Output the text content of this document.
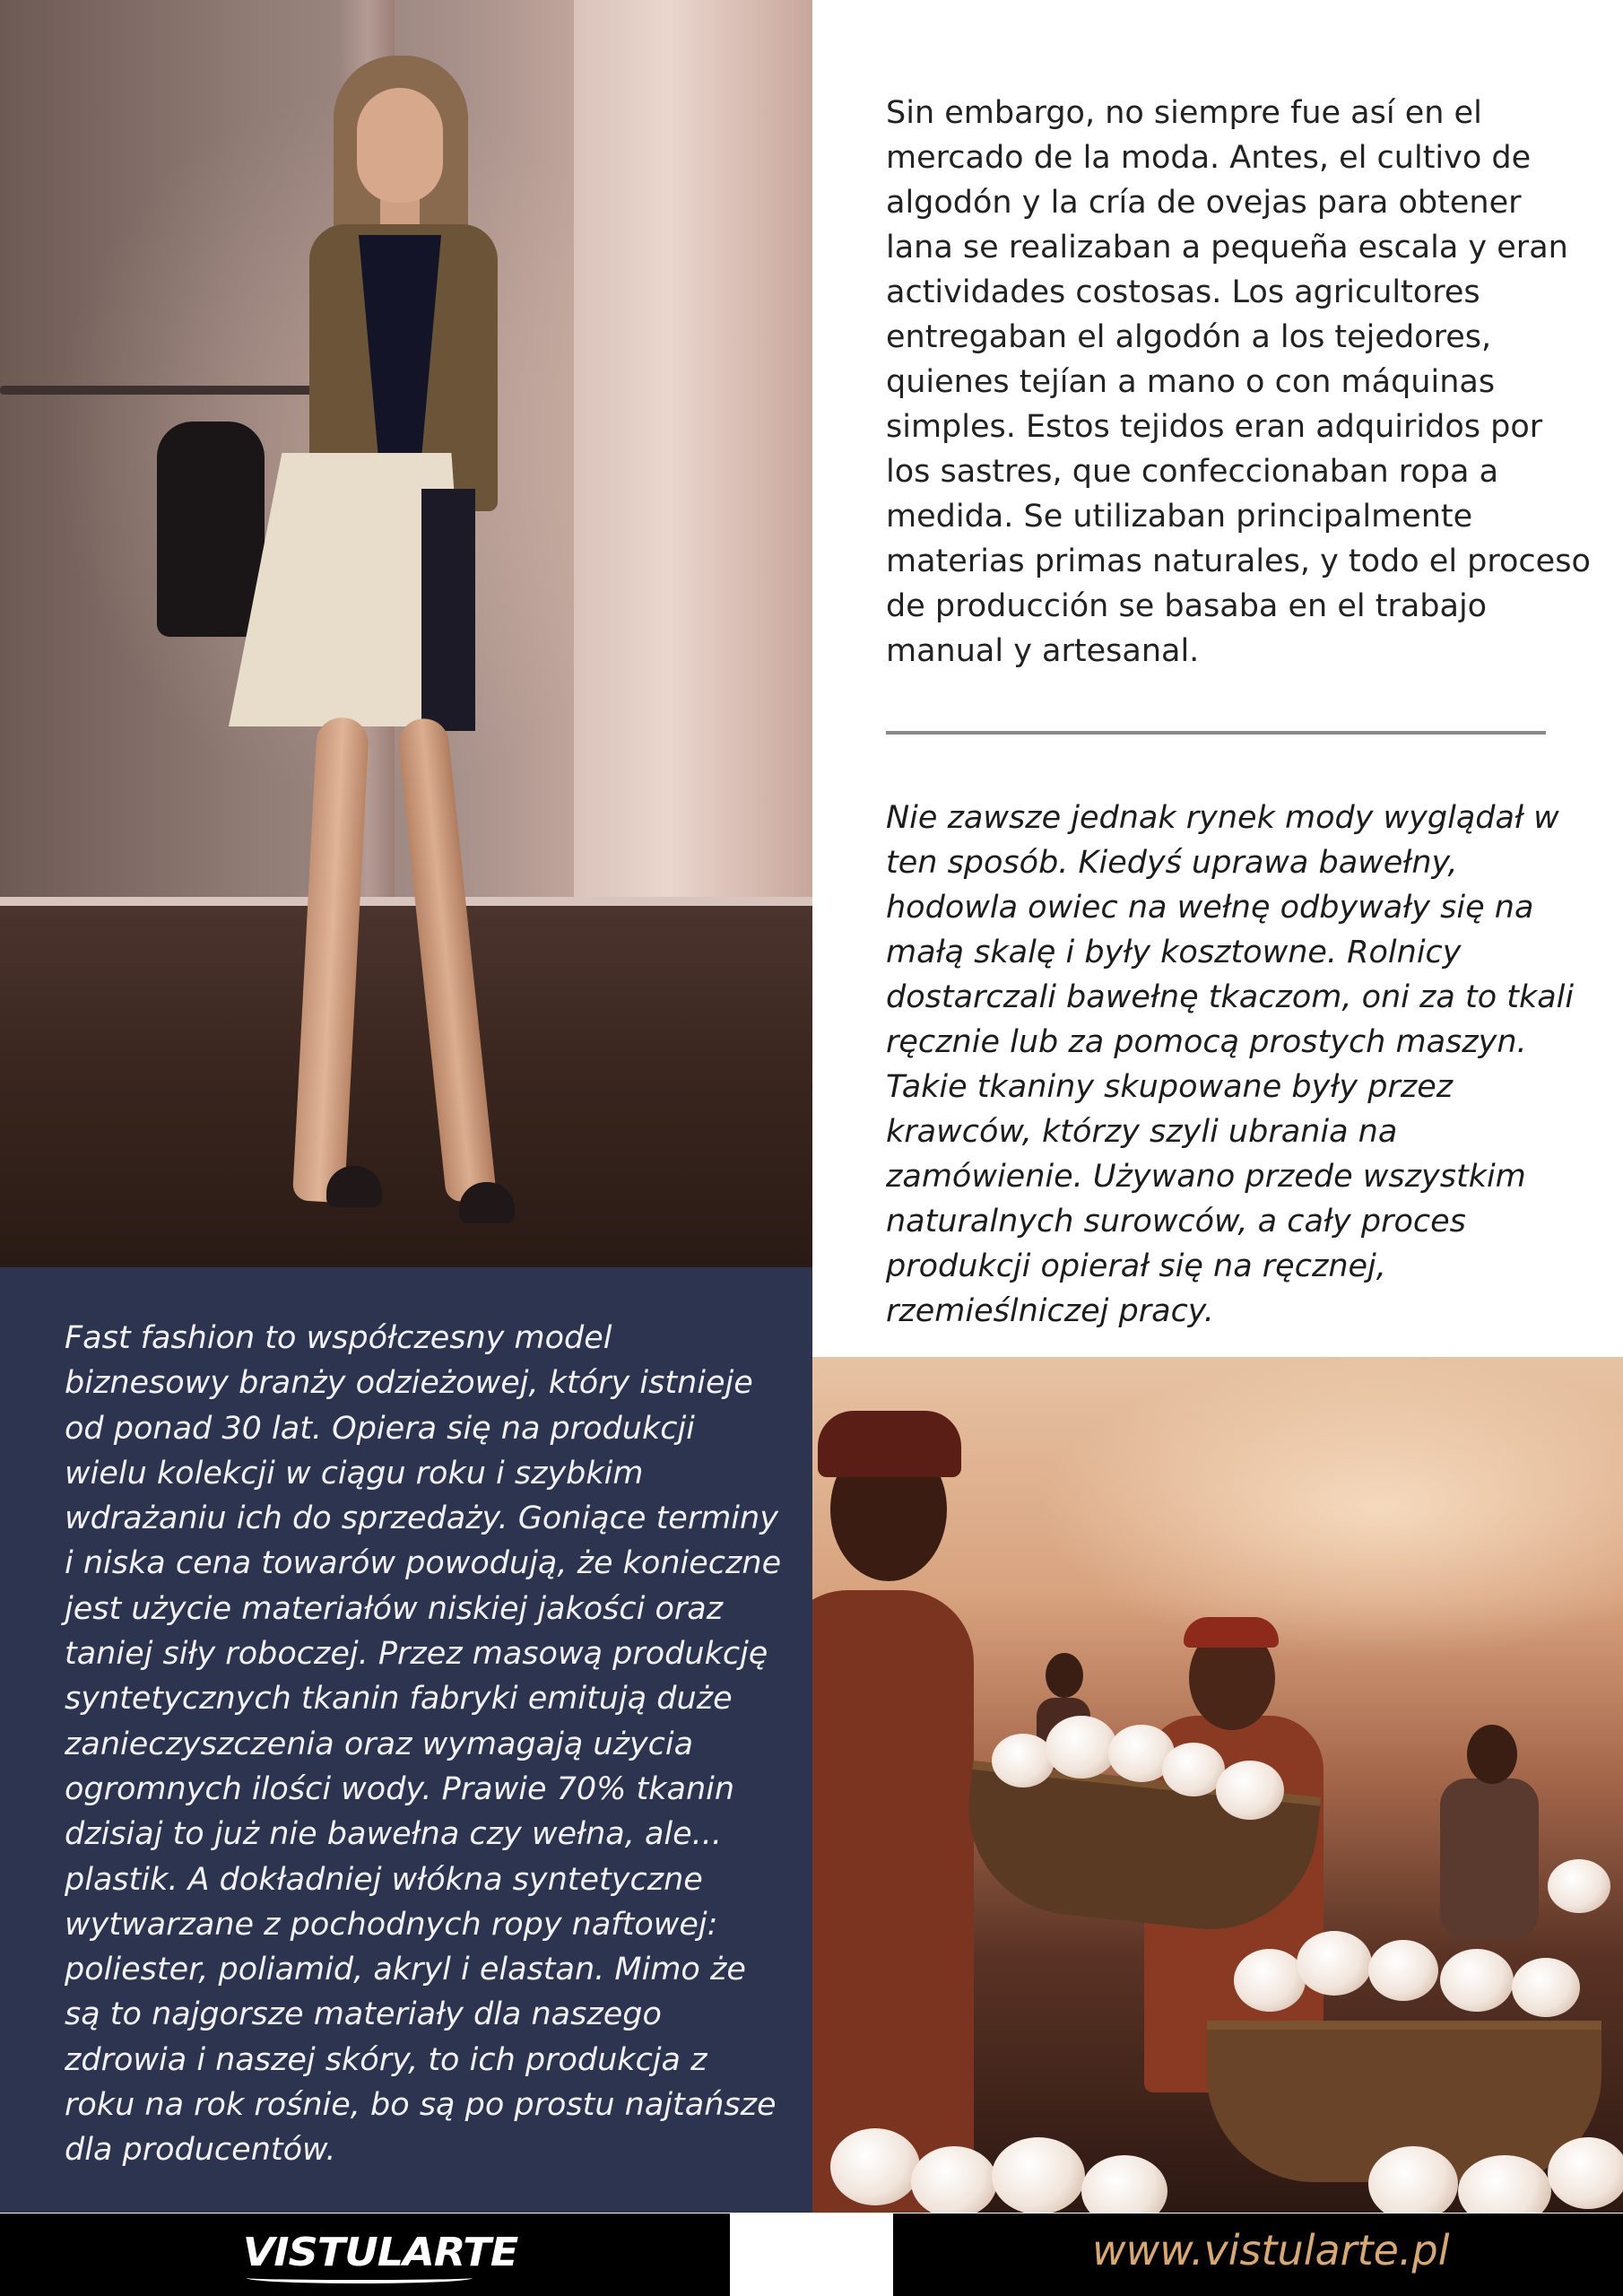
Sin embargo, no siempre fue así en el mercado de la moda. Antes, el cultivo de algodón y la cría de ovejas para obtener lana se realizaban a pequeña escala y eran actividades costosas. Los agricultores entregaban el algodón a los tejedores, quienes tejían a mano o con máquinas simples. Estos tejidos eran adquiridos por los sastres, que confeccionaban ropa a medida. Se utilizaban principalmente materias primas naturales, y todo el proceso de producción se basaba en el trabajo manual y artesanal.

Nie zawsze jednak rynek mody wyglądał w ten sposób. Kiedyś uprawa bawełny, hodowla owiec na wełnę odbywały się na małą skalę i były kosztowne. Rolnicy dostarczali bawełnę tkaczom, oni za to tkali ręcznie lub za pomocą prostych maszyn. Takie tkaniny skupowane były przez krawców, którzy szyli ubrania na zamówienie. Używano przede wszystkim naturalnych surowców, a cały proces produkcji opierał się na ręcznej, rzemieślniczej pracy.

Fast fashion to współczesny model biznesowy branży odzieżowej, który istnieje od ponad 30 lat. Opiera się na produkcji wielu kolekcji w ciągu roku i szybkim wdrażaniu ich do sprzedaży. Goniące terminy i niska cena towarów powodują, że konieczne jest użycie materiałów niskiej jakości oraz taniej siły roboczej. Przez masową produkcję syntetycznych tkanin fabryki emitują duże zanieczyszczenia oraz wymagają użycia ogromnych ilości wody. Prawie 70% tkanin dzisiaj to już nie bawełna czy wełna, ale... plastik. A dokładniej włókna syntetyczne wytwarzane z pochodnych ropy naftowej: poliester, poliamid, akryl i elastan. Mimo że są to najgorsze materiały dla naszego zdrowia i naszej skóry, to ich produkcja z roku na rok rośnie, bo są po prostu najtańsze dla producentów.

VISTULARTE	www.vistularte.pl
